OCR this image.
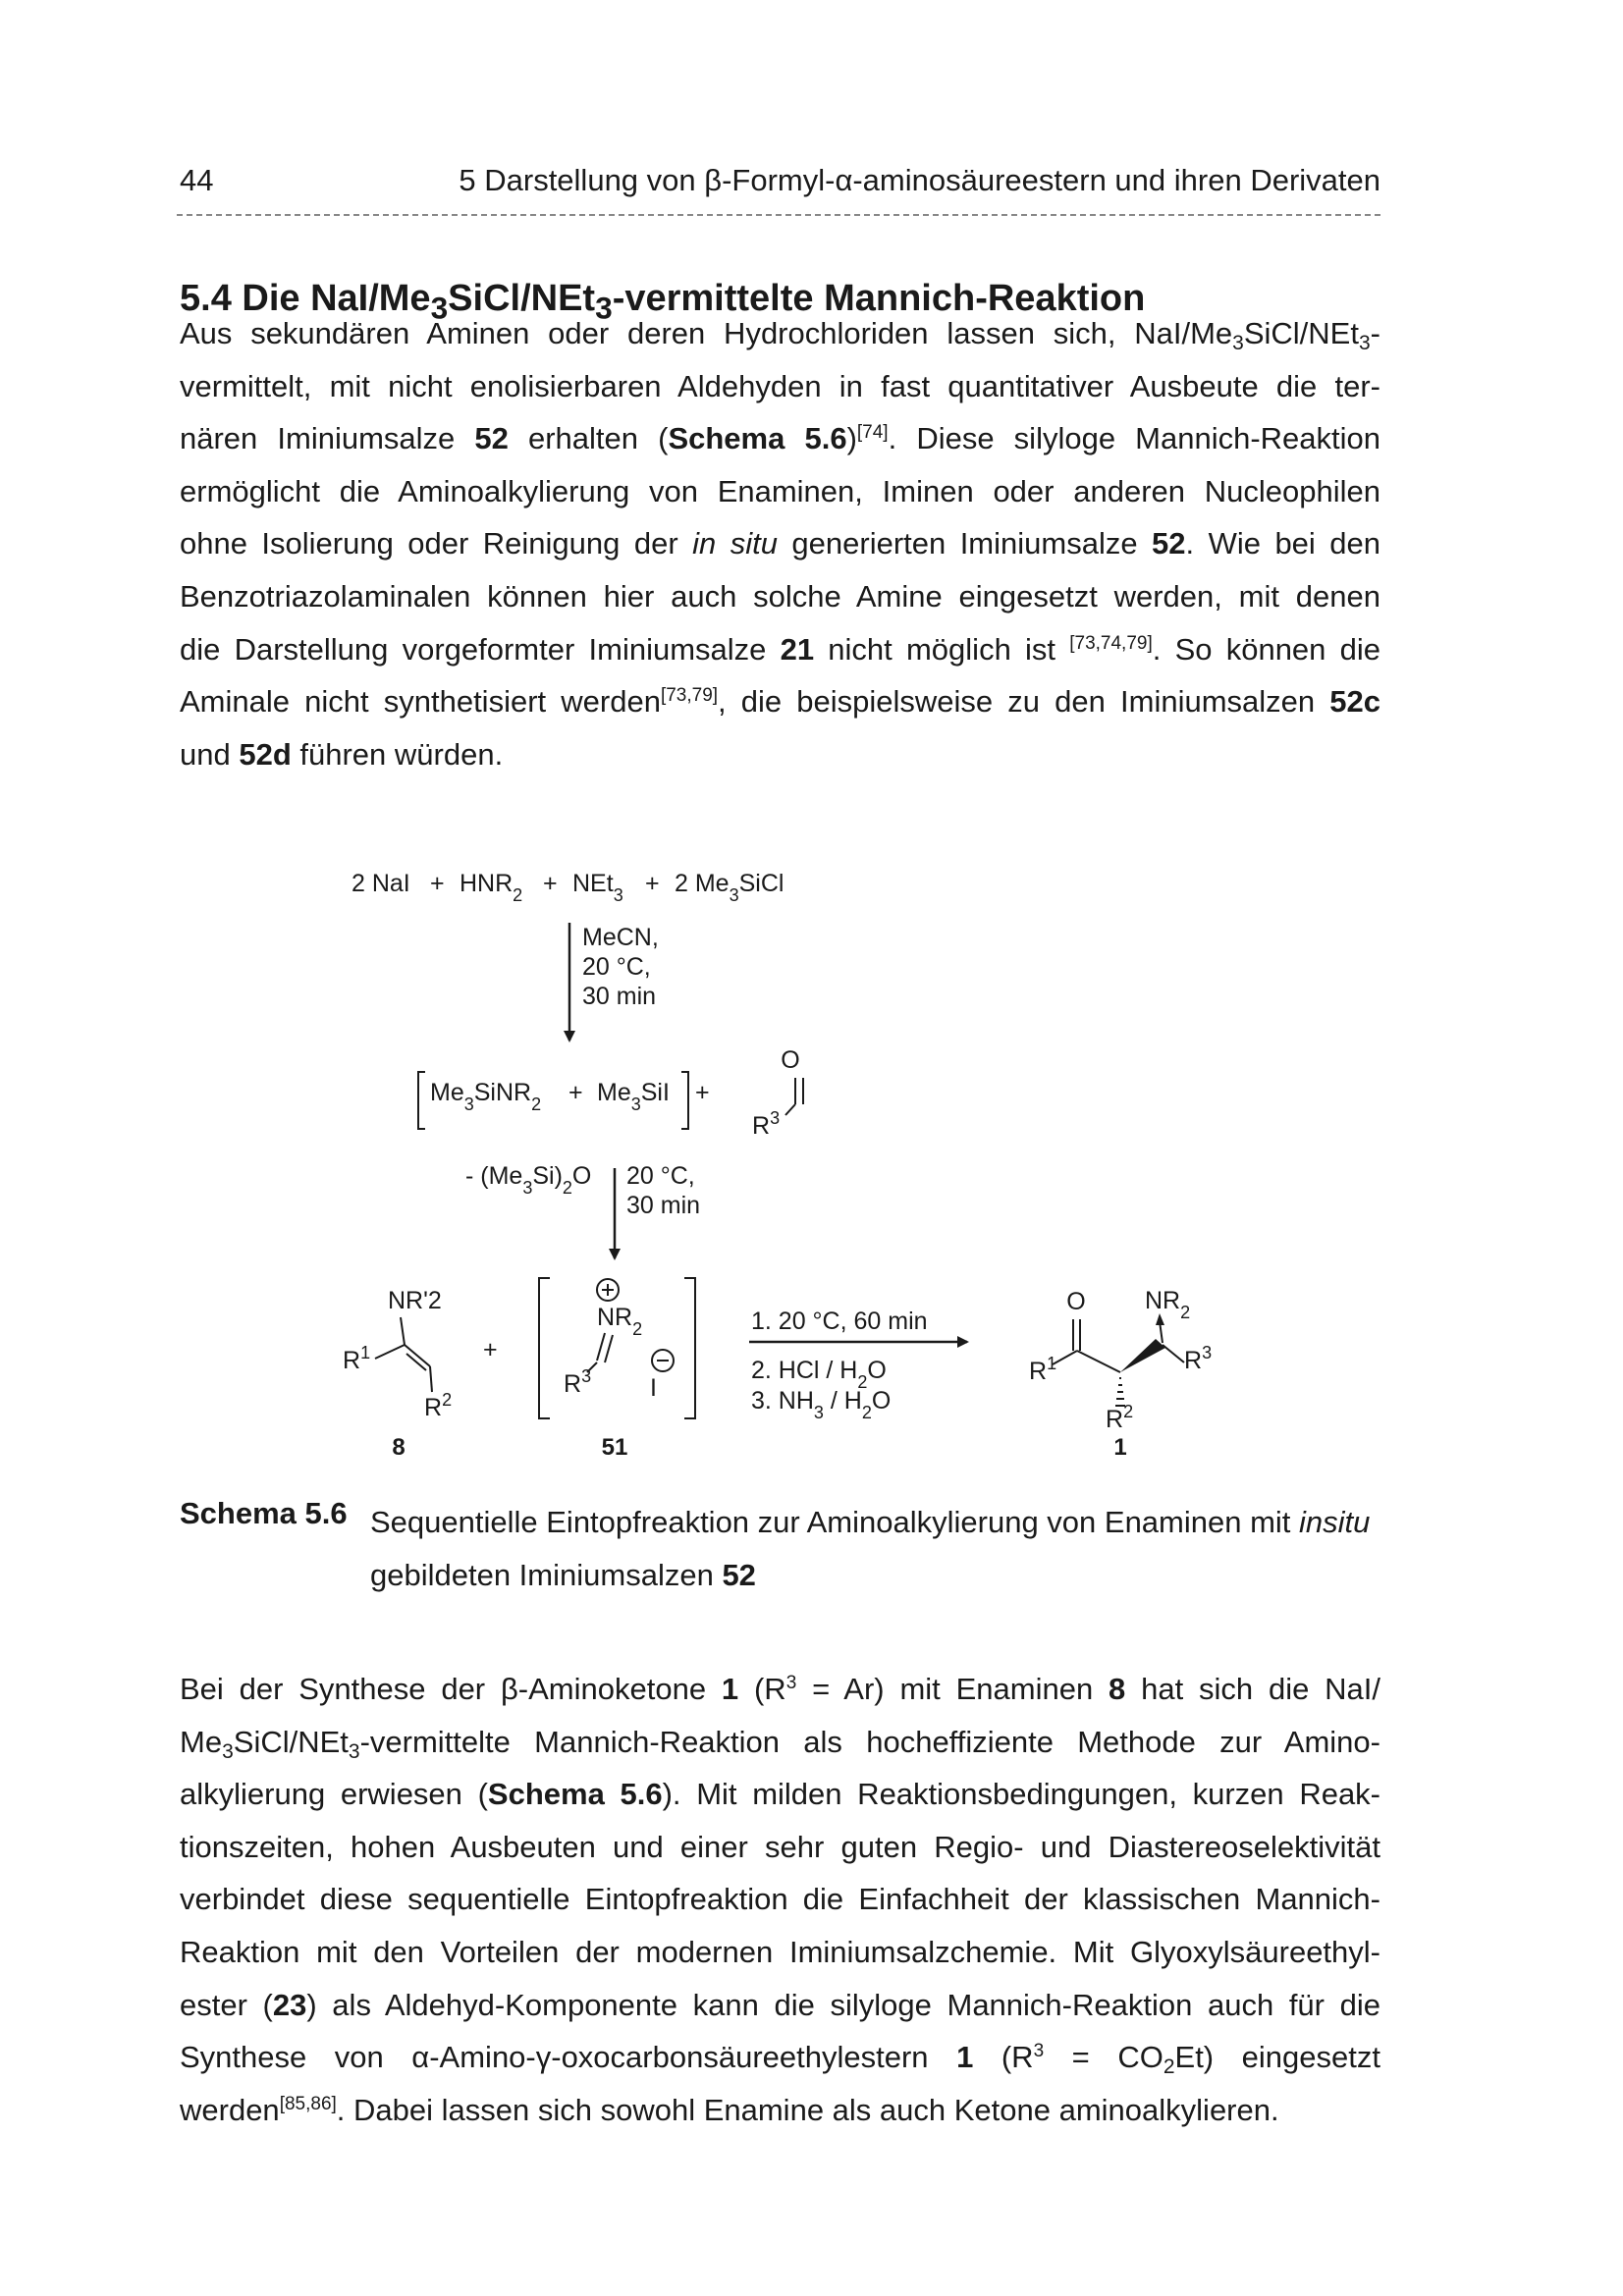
44	5 Darstellung von β-Formyl-α-aminosäureestern und ihren Derivaten
5.4 Die NaI/$Me_3SiCl/NEt_3$-vermittelte Mannich-Reaktion
Aus sekundären Aminen oder deren Hydrochloriden lassen sich, NaI/$Me_3SiCl/NEt_3-$
vermittelt, mit nicht enolisierbaren Aldehyden in fast quantitativer Ausbeute die ter-
nären Iminiumsalze 52 erhalten (Schema 5.6)[74]. Diese silyloge Mannich-Reaktion
ermöglicht die Aminoalkylierung von Enaminen, Iminen oder anderen Nucleophilen
ohne Isolierung oder Reinigung der in situ generierten Iminiumsalze 52. Wie bei den
Benzotriazolaminalen können hier auch solche Amine eingesetzt werden, mit denen
die Darstellung vorgeformter Iminiumsalze 21 nicht möglich ist [73,74,79]. So können die
Aminale nicht synthetisiert werden[73,79], die beispielsweise zu den Iminiumsalzen 52c
und 52d führen würden.
2 NaI + $HNR_2 + NEt_3 + 2$ $Me_3SiCl$
MeCN,
20 °C,
30 min
$Me_3SiNR_2 + Me_3SiI$ +
O
$R^3$
- $(Me_3Si)_2O$ 20 °C,
30 min
NR'2
$R^1$
$R^2$
8
+
$NR_2$
$R^3$ I
51
1. 20 °C, 60 min
2. HCl / $H_2O$
3. $NH_3 / H_2O$
O
$R^1$
$R^2$
$NR_2$
$R^3$
1
Schema 5.6 Sequentielle Eintopfreaktion zur Aminoalkylierung von Enaminen mit insitu gebildeten Iminiumsalzen 52
Bei der Synthese der β-Aminoketone 1 $(R^3 = Ar)$ mit Enaminen 8 hat sich die NaI/
$Me_3SiCl/NEt_3$-vermittelte Mannich-Reaktion als hocheffiziente Methode zur Amino-
alkylierung erwiesen (Schema 5.6). Mit milden Reaktionsbedingungen, kurzen Reak-
tionszeiten, hohen Ausbeuten und einer sehr guten Regio- und Diastereoselektivität
verbindet diese sequentielle Eintopfreaktion die Einfachheit der klassischen Mannich-
Reaktion mit den Vorteilen der modernen Iminiumsalzchemie. Mit Glyoxylsäureethyl-
ester (23) als Aldehyd-Komponente kann die silyloge Mannich-Reaktion auch für die
Synthese von α-Amino-γ-oxocarbonsäureethylestern 1 $(R^3 = CO_2Et)$ eingesetzt
werden[85,86]. Dabei lassen sich sowohl Enamine als auch Ketone aminoalkylieren.
